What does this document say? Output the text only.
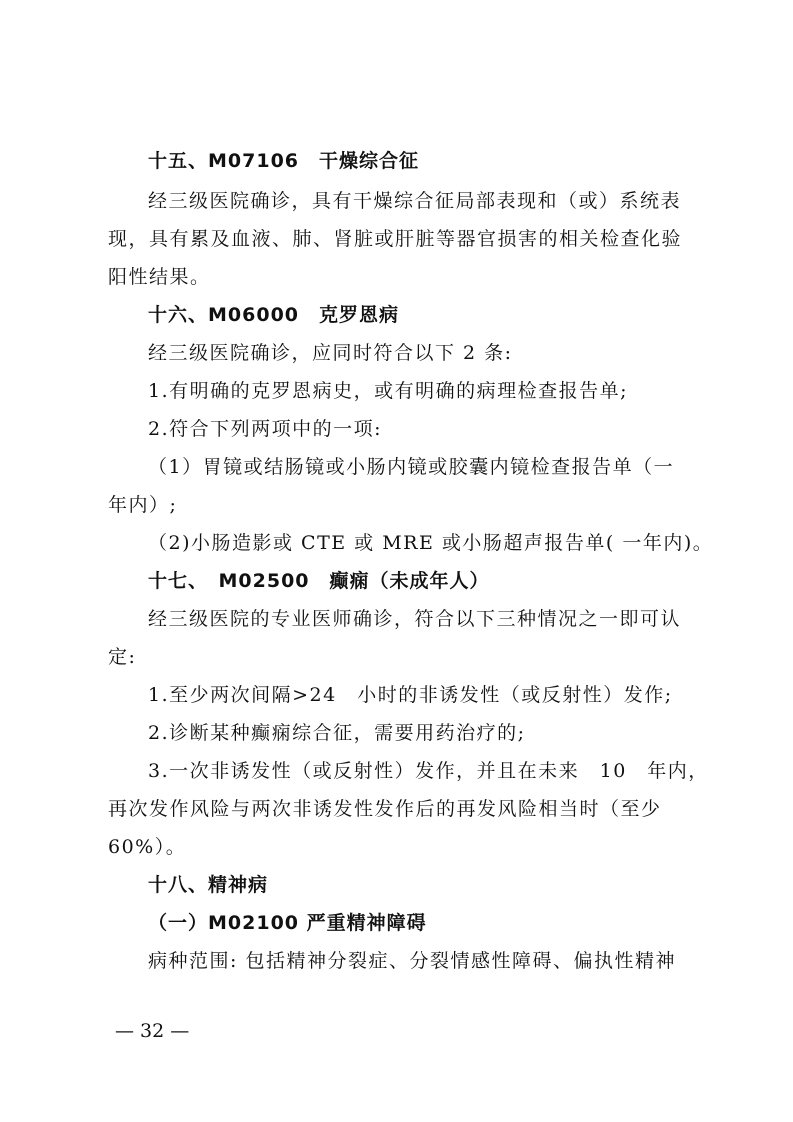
十五、M07106　干燥综合征
经三级医院确诊，具有干燥综合征局部表现和（或）系统表
现，具有累及血液、肺、肾脏或肝脏等器官损害的相关检查化验
阳性结果。
十六、M06000　克罗恩病
经三级医院确诊，应同时符合以下 2 条:
1.有明确的克罗恩病史，或有明确的病理检查报告单;
2.符合下列两项中的一项:
（1）胃镜或结肠镜或小肠内镜或胶囊内镜检查报告单（一
年内）;
（2)小肠造影或 CTE 或 MRE 或小肠超声报告单( 一年内)。
十七、　M02500　癫痫（未成年人）
经三级医院的专业医师确诊，符合以下三种情况之一即可认
定:
1.至少两次间隔>24　小时的非诱发性（或反射性）发作;
2.诊断某种癫痫综合征，需要用药治疗的;
3.一次非诱发性（或反射性）发作，并且在未来　10　年内，
再次发作风险与两次非诱发性发作后的再发风险相当时（至少
60%）。
十八、精神病
（一）M02100 严重精神障碍
病种范围: 包括精神分裂症、分裂情感性障碍、偏执性精神
— 32 —
